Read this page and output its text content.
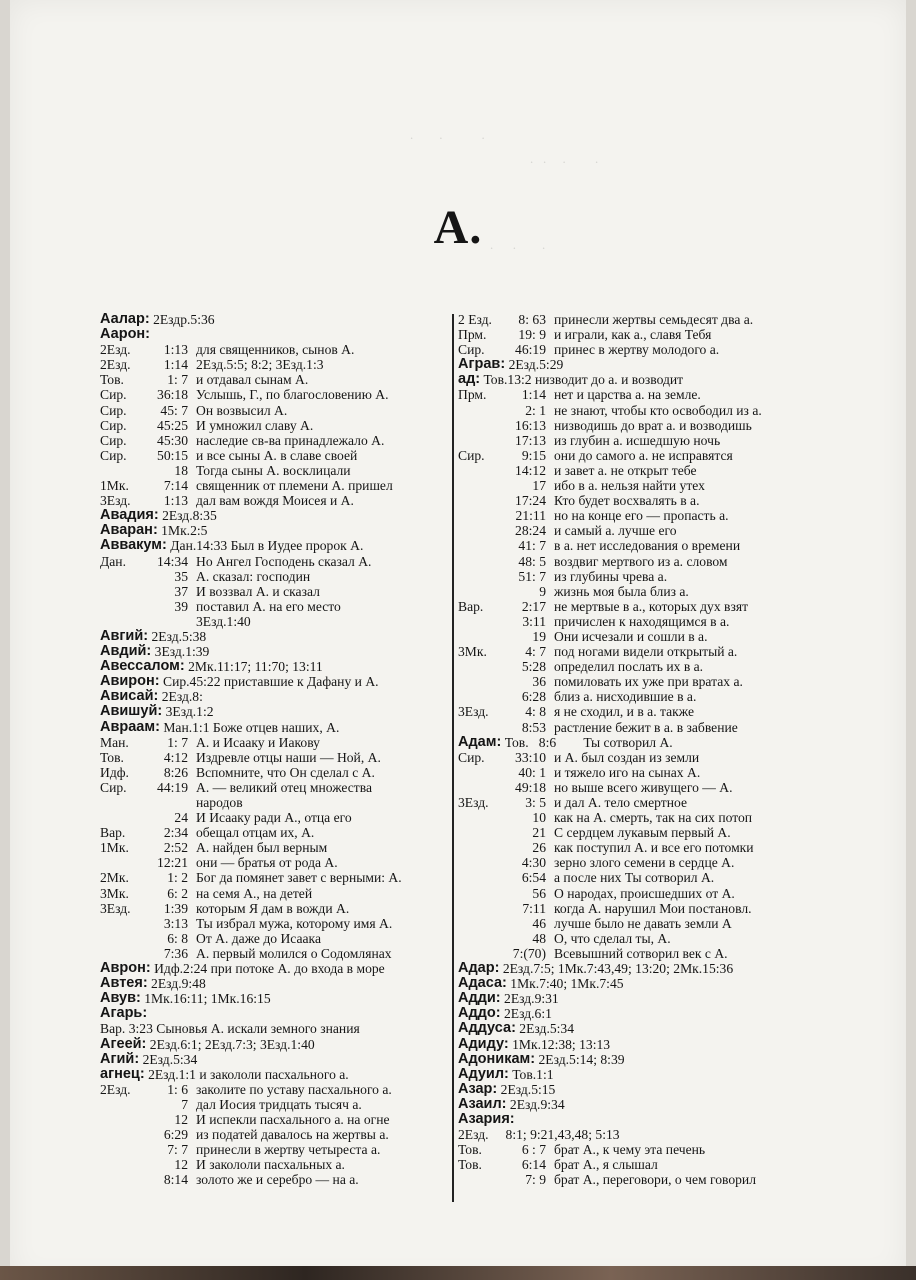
.        .            .
.   .     .         .
.      .        .
А.
Аалар: 2Ездр.5:36
Аарон:
2Езд.	1:13 для священников, сынов А.
2Езд.	1:14 2Езд.5:5; 8:2; 3Езд.1:3
Тов.	1: 7 и отдавал сынам А.
Сир.	36:18 Услышь, Г., по благословению А.
Сир.	45: 7 Он возвысил А.
Сир.	45:25 И умножил славу А.
Сир.	45:30 наследие св-ва принадлежало А.
Сир.	50:15 и все сыны А. в славе своей
18 Тогда сыны А. восклицали
1Мк.	7:14 священник от племени А. пришел
3Езд.	1:13 дал вам вождя Моисея и А.
Авадия: 2Езд.8:35
Аваран: 1Мк.2:5
Аввакум: Дан.14:33 Был в Иудее пророк А.
Дан.	14:34 Но Ангел Господень сказал А.
35 А. сказал: господин
37 И воззвал А. и сказал
39 поставил А. на его место
3Езд.1:40
Авгий: 2Езд.5:38
Авдий: 3Езд.1:39
Авессалом: 2Мк.11:17; 11:70; 13:11
Авирон: Сир.45:22 приставшие к Дафану и А.
Ависай: 2Езд.8:
Авишуй: 3Езд.1:2
Авраам: Ман.1:1 Боже отцев наших, А.
Ман.	1: 7 А. и Исааку и Иакову
Тов.	4:12 Издревле отцы наши — Ной, А.
Идф.	8:26 Вспомните, что Он сделал с А.
Сир.	44:19 А. — великий отец множества
народов
24 И Исааку ради А., отца его
Вар.	2:34 обещал отцам их, А.
1Мк.	2:52 А. найден был верным
12:21 они — братья от рода А.
2Мк.	1: 2 Бог да помянет завет с верными: А.
3Мк.	6: 2 на семя А., на детей
3Езд.	1:39 которым Я дам в вожди А.
3:13 Ты избрал мужа, которому имя А.
6: 8 От А. даже до Исаака
7:36 А. первый молился о Содомлянах
Аврон: Идф.2:24 при потоке А. до входа в море
Автея: 2Езд.9:48
Авув: 1Мк.16:11; 1Мк.16:15
Агарь:
Вар. 3:23 Сыновья А. искали земного знания
Агеей: 2Езд.6:1; 2Езд.7:3; 3Езд.1:40
Агий: 2Езд.5:34
агнец: 2Езд.1:1 и закололи пасхального а.
2Езд.	1: 6 заколите по уставу пасхального а.
7 дал Иосия тридцать тысяч а.
12 И испекли пасхального а. на огне
6:29 из податей давалось на жертвы а.
7: 7 принесли в жертву четыреста а.
12 И закололи пасхальных а.
8:14 золото же и серебро — на а.
2 Езд.	8: 63 принесли жертвы семьдесят два а.
Прм.	19: 9 и играли, как а., славя Тебя
Сир.	46:19 принес в жертву молодого а.
Аграв: 2Езд.5:29
ад: Тов.13:2 низводит до а. и возводит
Прм.	1:14 нет и царства а. на земле.
2: 1 не знают, чтобы кто освободил из а.
16:13 низводишь до врат а. и возводишь
17:13 из глубин а. исшедшую ночь
Сир.	9:15 они до самого а. не исправятся
14:12 и завет а. не открыт тебе
17 ибо в а. нельзя найти утех
17:24 Кто будет восхвалять в а.
21:11 но на конце его — пропасть а.
28:24 и самый а. лучше его
41: 7 в а. нет исследования о времени
48: 5 воздвиг мертвого из а. словом
51: 7 из глубины чрева а.
9 жизнь моя была близ а.
Вар.	2:17 не мертвые в а., которых дух взят
3:11 причислен к находящимся в а.
19 Они исчезали и сошли в а.
3Мк.	4: 7 под ногами видели открытый а.
5:28 определил послать их в а.
36 помиловать их уже при вратах а.
6:28 близ а. нисходившие в а.
3Езд.	4: 8 я не сходил, и в а. также
8:53 растление бежит в а. в забвение
Адам: Тов.   8:6        Ты сотворил А.
Сир.	33:10 и А. был создан из земли
40: 1 и тяжело иго на сынах А.
49:18 но выше всего живущего — А.
3Езд.	3: 5 и дал А. тело смертное
10 как на А. смерть, так на сих потоп
21 С сердцем лукавым первый А.
26 как поступил А. и все его потомки
4:30 зерно злого семени в сердце А.
6:54 а после них Ты сотворил А.
56 О народах, происшедших от А.
7:11 когда А. нарушил Мои постановл.
46 лучше было не давать земли А
48 О, что сделал ты, А.
7:(70) Всевышний сотворил век с А.
Адар: 2Езд.7:5; 1Мк.7:43,49; 13:20; 2Мк.15:36
Адаса: 1Мк.7:40; 1Мк.7:45
Адди: 2Езд.9:31
Аддо: 2Езд.6:1
Аддуса: 2Езд.5:34
Адиду: 1Мк.12:38; 13:13
Адоникам: 2Езд.5:14; 8:39
Адуил: Тов.1:1
Азар: 2Езд.5:15
Азаил: 2Езд.9:34
Азария:
2Езд.     8:1; 9:21,43,48; 5:13
Тов.	6 : 7 брат А., к чему эта печень
Тов.	6:14 брат А., я слышал
7: 9 брат А., переговори, о чем говорил
